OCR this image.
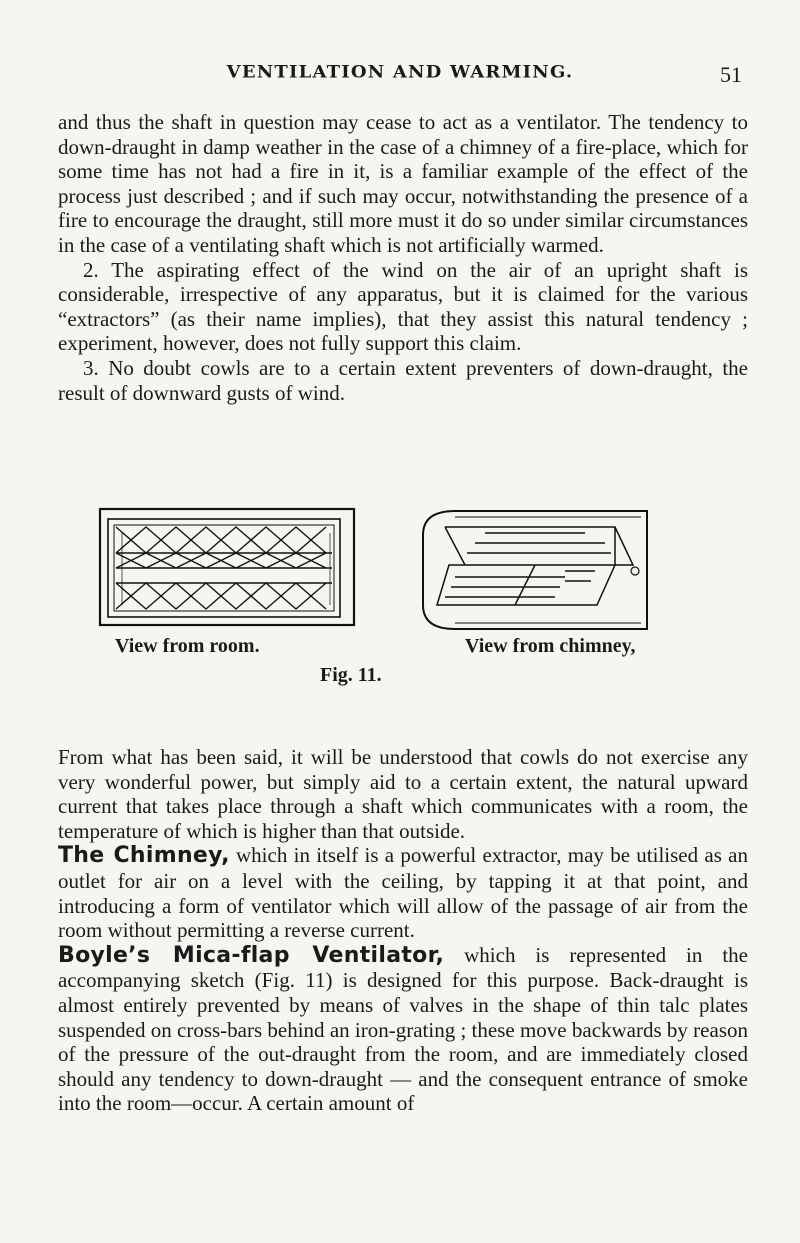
VENTILATION AND WARMING.	51

and thus the shaft in question may cease to act as a ventilator. The tendency to down-draught in damp weather in the case of a chimney of a fire-place, which for some time has not had a fire in it, is a familiar example of the effect of the process just described ; and if such may occur, notwithstanding the presence of a fire to encourage the draught, still more must it do so under similar circumstances in the case of a ventilating shaft which is not artificially warmed.

2. The aspirating effect of the wind on the air of an upright shaft is considerable, irrespective of any apparatus, but it is claimed for the various “extractors” (as their name implies), that they assist this natural tendency ; experiment, however, does not fully support this claim.

3. No doubt cowls are to a certain extent preventers of down-draught, the result of downward gusts of wind.

View from room.	View from chimney,
Fig. 11.

From what has been said, it will be understood that cowls do not exercise any very wonderful power, but simply aid to a certain extent, the natural upward current that takes place through a shaft which communicates with a room, the temperature of which is higher than that outside.

The Chimney, which in itself is a powerful extractor, may be utilised as an outlet for air on a level with the ceiling, by tapping it at that point, and introducing a form of ventilator which will allow of the passage of air from the room without permitting a reverse current.

Boyle’s Mica-flap Ventilator, which is represented in the accompanying sketch (Fig. 11) is designed for this purpose. Back-draught is almost entirely prevented by means of valves in the shape of thin talc plates suspended on cross-bars behind an iron-grating ; these move backwards by reason of the pressure of the out-draught from the room, and are immediately closed should any tendency to down-draught — and the consequent entrance of smoke into the room—occur. A certain amount of
